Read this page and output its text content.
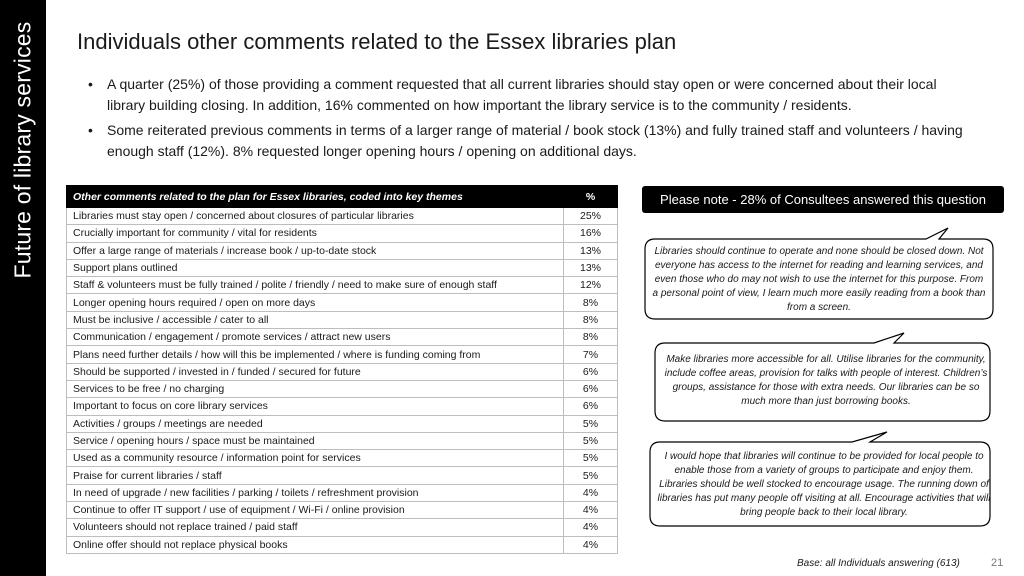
Future of library services Individuals other comments related to the Essex libraries plan
• A quarter (25%) of those providing a comment requested that all current libraries should stay open or were concerned about their local library building closing. In addition, 16% commented on how important the library service is to the community / residents.
• Some reiterated previous comments in terms of a larger range of material / book stock (13%) and fully trained staff and volunteers / having enough staff (12%). 8% requested longer opening hours / opening on additional days.
Other comments related to the plan for Essex libraries, coded into key themes	%
Libraries must stay open / concerned about closures of particular libraries	25%
Crucially important for community / vital for residents	16%
Offer a large range of materials / increase book / up-to-date stock	13%
Support plans outlined	13%
Staff & volunteers must be fully trained / polite / friendly / need to make sure of enough staff	12%
Longer opening hours required / open on more days	8%
Must be inclusive / accessible / cater to all	8%
Communication / engagement / promote services / attract new users	8%
Plans need further details / how will this be implemented / where is funding coming from	7%
Should be supported / invested in / funded / secured for future	6%
Services to be free / no charging	6%
Important to focus on core library services	6%
Activities / groups / meetings are needed	5%
Service / opening hours / space must be maintained	5%
Used as a community resource / information point for services	5%
Praise for current libraries / staff	5%
In need of upgrade / new facilities / parking / toilets / refreshment provision	4%
Continue to offer IT support / use of equipment / Wi-Fi / online provision	4%
Volunteers should not replace trained / paid staff	4%
Online offer should not replace physical books	4%
Please note - 28% of Consultees answered this question
Libraries should continue to operate and none should be closed down. Not everyone has access to the internet for reading and learning services, and even those who do may not wish to use the internet for this purpose. From a personal point of view, I learn much more easily reading from a book than from a screen.
Make libraries more accessible for all. Utilise libraries for the community, include coffee areas, provision for talks with people of interest. Children’s groups, assistance for those with extra needs. Our libraries can be so much more than just borrowing books.
I would hope that libraries will continue to be provided for local people to enable those from a variety of groups to participate and enjoy them. Libraries should be well stocked to encourage usage. The running down of libraries has put many people off visiting at all. Encourage activities that will bring people back to their local library.
Base: all Individuals answering (613)	21
